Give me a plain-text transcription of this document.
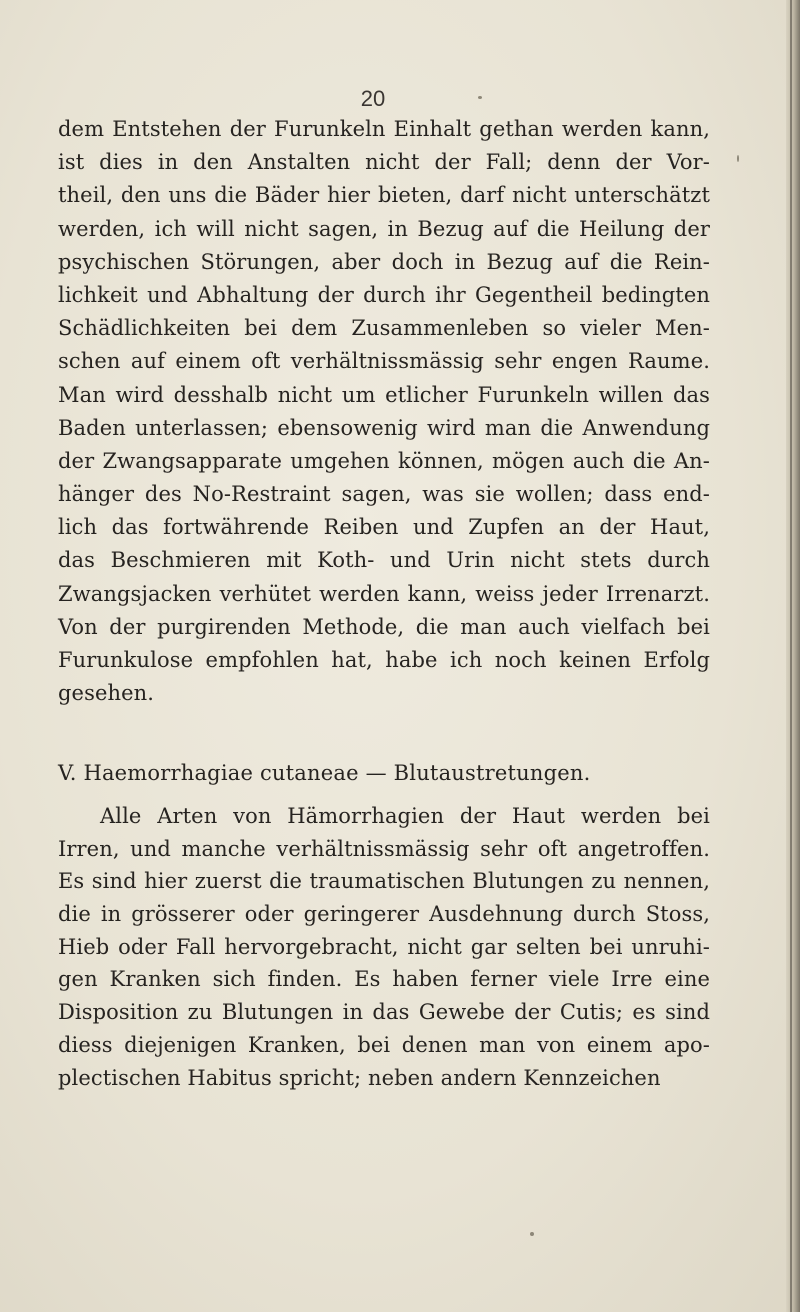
20
dem Entstehen der Furunkeln Einhalt gethan werden kann,
ist dies in den Anstalten nicht der Fall; denn der Vor-
theil, den uns die Bäder hier bieten, darf nicht unterschätzt
werden, ich will nicht sagen, in Bezug auf die Heilung der
psychischen Störungen, aber doch in Bezug auf die Rein-
lichkeit und Abhaltung der durch ihr Gegentheil bedingten
Schädlichkeiten bei dem Zusammenleben so vieler Men-
schen auf einem oft verhältnissmässig sehr engen Raume.
Man wird desshalb nicht um etlicher Furunkeln willen das
Baden unterlassen; ebensowenig wird man die Anwendung
der Zwangsapparate umgehen können, mögen auch die An-
hänger des No-Restraint sagen, was sie wollen; dass end-
lich das fortwährende Reiben und Zupfen an der Haut,
das Beschmieren mit Koth- und Urin nicht stets durch
Zwangsjacken verhütet werden kann, weiss jeder Irrenarzt.
Von der purgirenden Methode, die man auch vielfach bei
Furunkulose empfohlen hat, habe ich noch keinen Erfolg
gesehen.
V. Haemorrhagiae cutaneae — Blutaustretungen.
Alle Arten von Hämorrhagien der Haut werden bei
Irren, und manche verhältnissmässig sehr oft angetroffen.
Es sind hier zuerst die traumatischen Blutungen zu nennen,
die in grösserer oder geringerer Ausdehnung durch Stoss,
Hieb oder Fall hervorgebracht, nicht gar selten bei unruhi-
gen Kranken sich finden. Es haben ferner viele Irre eine
Disposition zu Blutungen in das Gewebe der Cutis; es sind
diess diejenigen Kranken, bei denen man von einem apo-
plectischen Habitus spricht; neben andern Kennzeichen
